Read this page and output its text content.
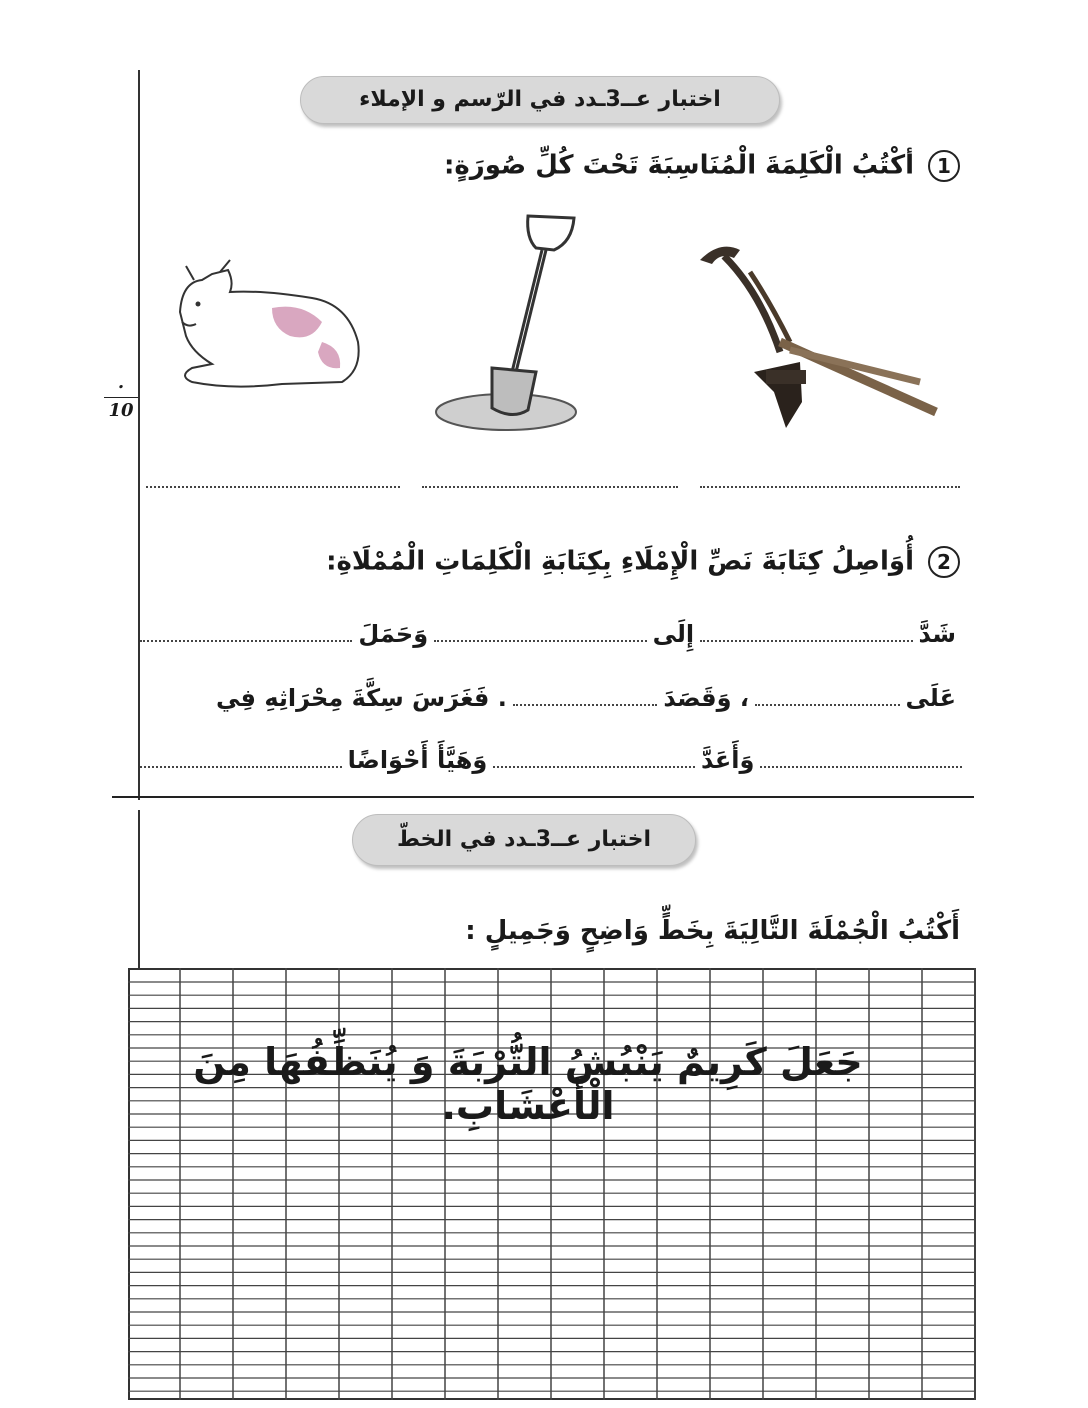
اختبار عــ3ـدد في الرّسم و الإملاء
.
10
1أكْتُبُ الْكَلِمَةَ الْمُنَاسِبَةَ تَحْتَ كُلِّ صُورَةٍ:
2أُوَاصِلُ كِتَابَةَ نَصِّ الْإِمْلَاءِ بِكِتَابَةِ الْكَلِمَاتِ الْمُمْلَاةِ:
شَدَّ
إِلَى
وَحَمَلَ
عَلَى
، وَقَصَدَ
. فَغَرَسَ سِكَّةَ مِحْرَاثِهِ فِي
وَأَعَدَّ
وَهَيَّأَ أَحْوَاضًا
اختبار عــ3ـدد في الخطّ
أَكْتُبُ الْجُمْلَةَ التَّالِيَةَ بِخَطٍّ وَاضِحٍ وَجَمِيلٍ :
جَعَلَ كَرِيمٌ يَنْبُشُ التُّرْبَةَ وَ يُنَظِّفُهَا مِنَ الْأَعْشَابِ.
